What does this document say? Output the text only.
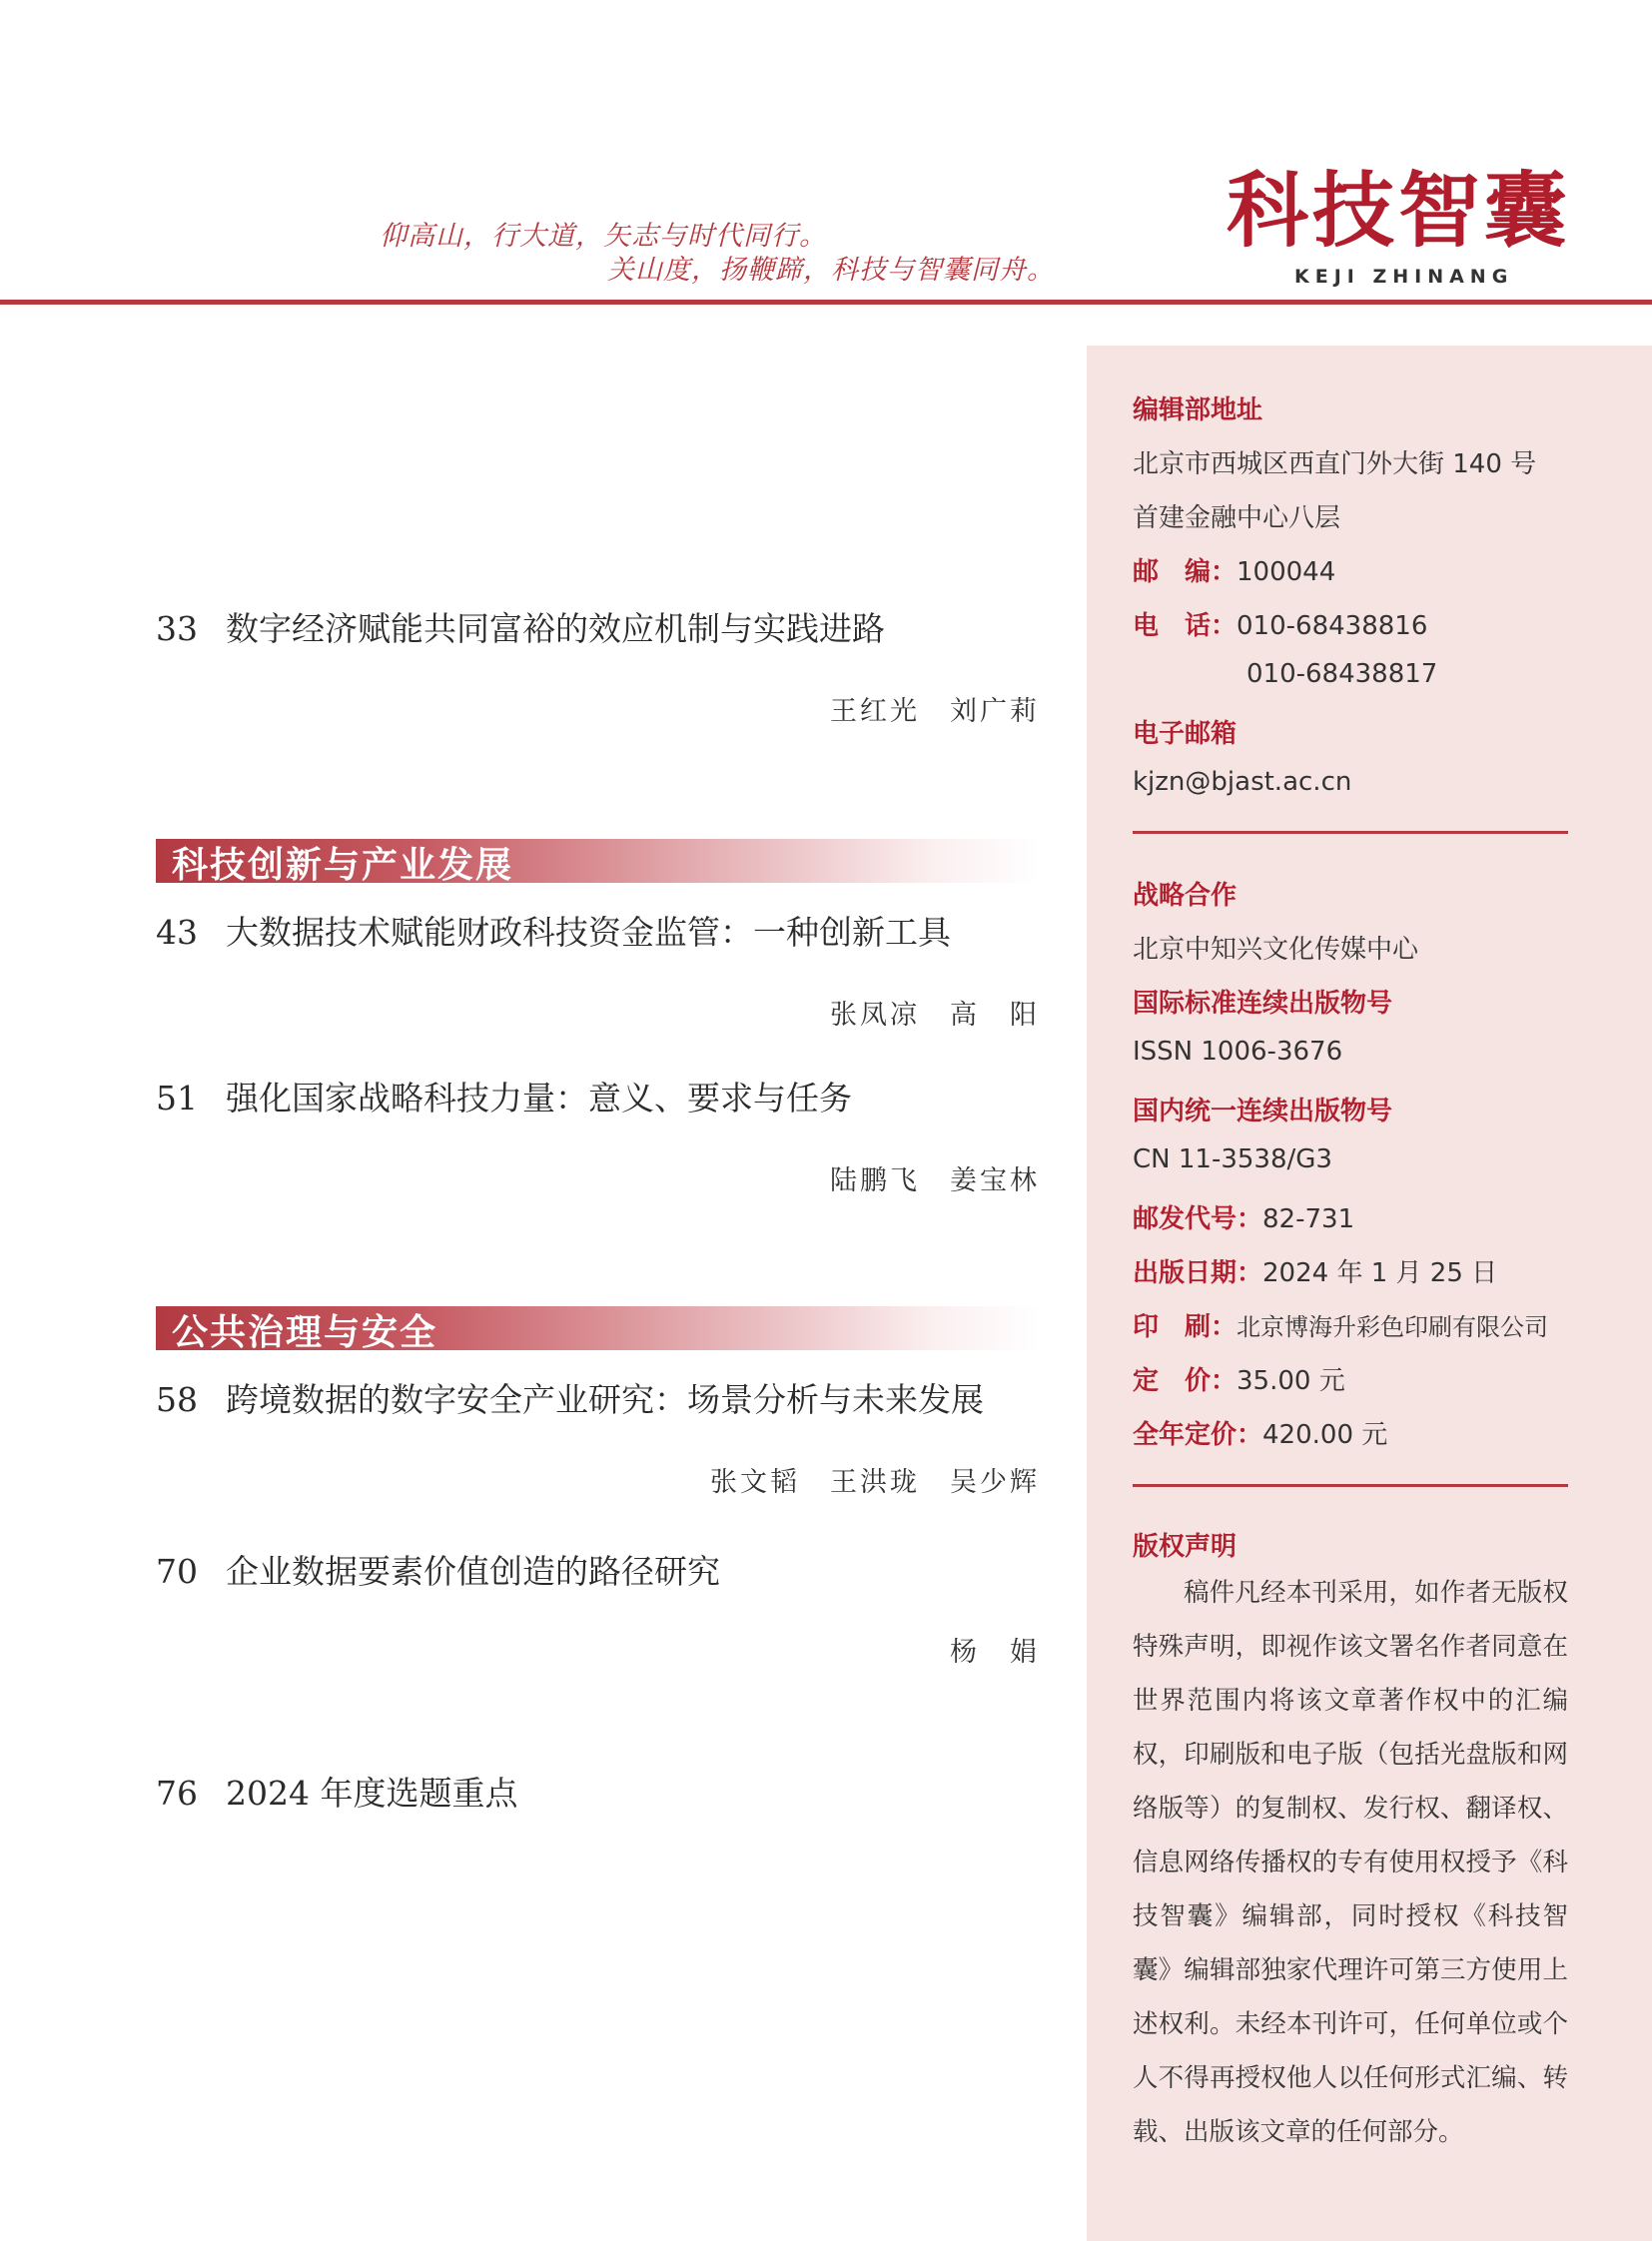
仰高山，行大道，矢志与时代同行。
关山度，扬鞭蹄，科技与智囊同舟。
科技智囊
KEJI ZHINANG
33 数字经济赋能共同富裕的效应机制与实践进路
王红光　刘广莉
科技创新与产业发展
43 大数据技术赋能财政科技资金监管：一种创新工具
张凤凉　高　阳
51 强化国家战略科技力量：意义、要求与任务
陆鹏飞　姜宝林
公共治理与安全
58 跨境数据的数字安全产业研究：场景分析与未来发展
张文韬　王洪珑　吴少辉
70 企业数据要素价值创造的路径研究
杨　娟
76 2024 年度选题重点
编辑部地址
北京市西城区西直门外大街 140 号
首建金融中心八层
邮　编：100044
电　话：010-68438816
010-68438817
电子邮箱
kjzn@bjast.ac.cn
战略合作
北京中知兴文化传媒中心
国际标准连续出版物号
ISSN 1006-3676
国内统一连续出版物号
CN 11-3538/G3
邮发代号：82-731
出版日期：2024 年 1 月 25 日
印　刷：北京博海升彩色印刷有限公司
定　价：35.00 元
全年定价：420.00 元
版权声明
稿件凡经本刊采用，如作者无版权特殊声明，即视作该文署名作者同意在世界范围内将该文章著作权中的汇编权，印刷版和电子版（包括光盘版和网络版等）的复制权、发行权、翻译权、信息网络传播权的专有使用权授予《科技智囊》编辑部，同时授权《科技智囊》编辑部独家代理许可第三方使用上述权利。未经本刊许可，任何单位或个人不得再授权他人以任何形式汇编、转载、出版该文章的任何部分。
